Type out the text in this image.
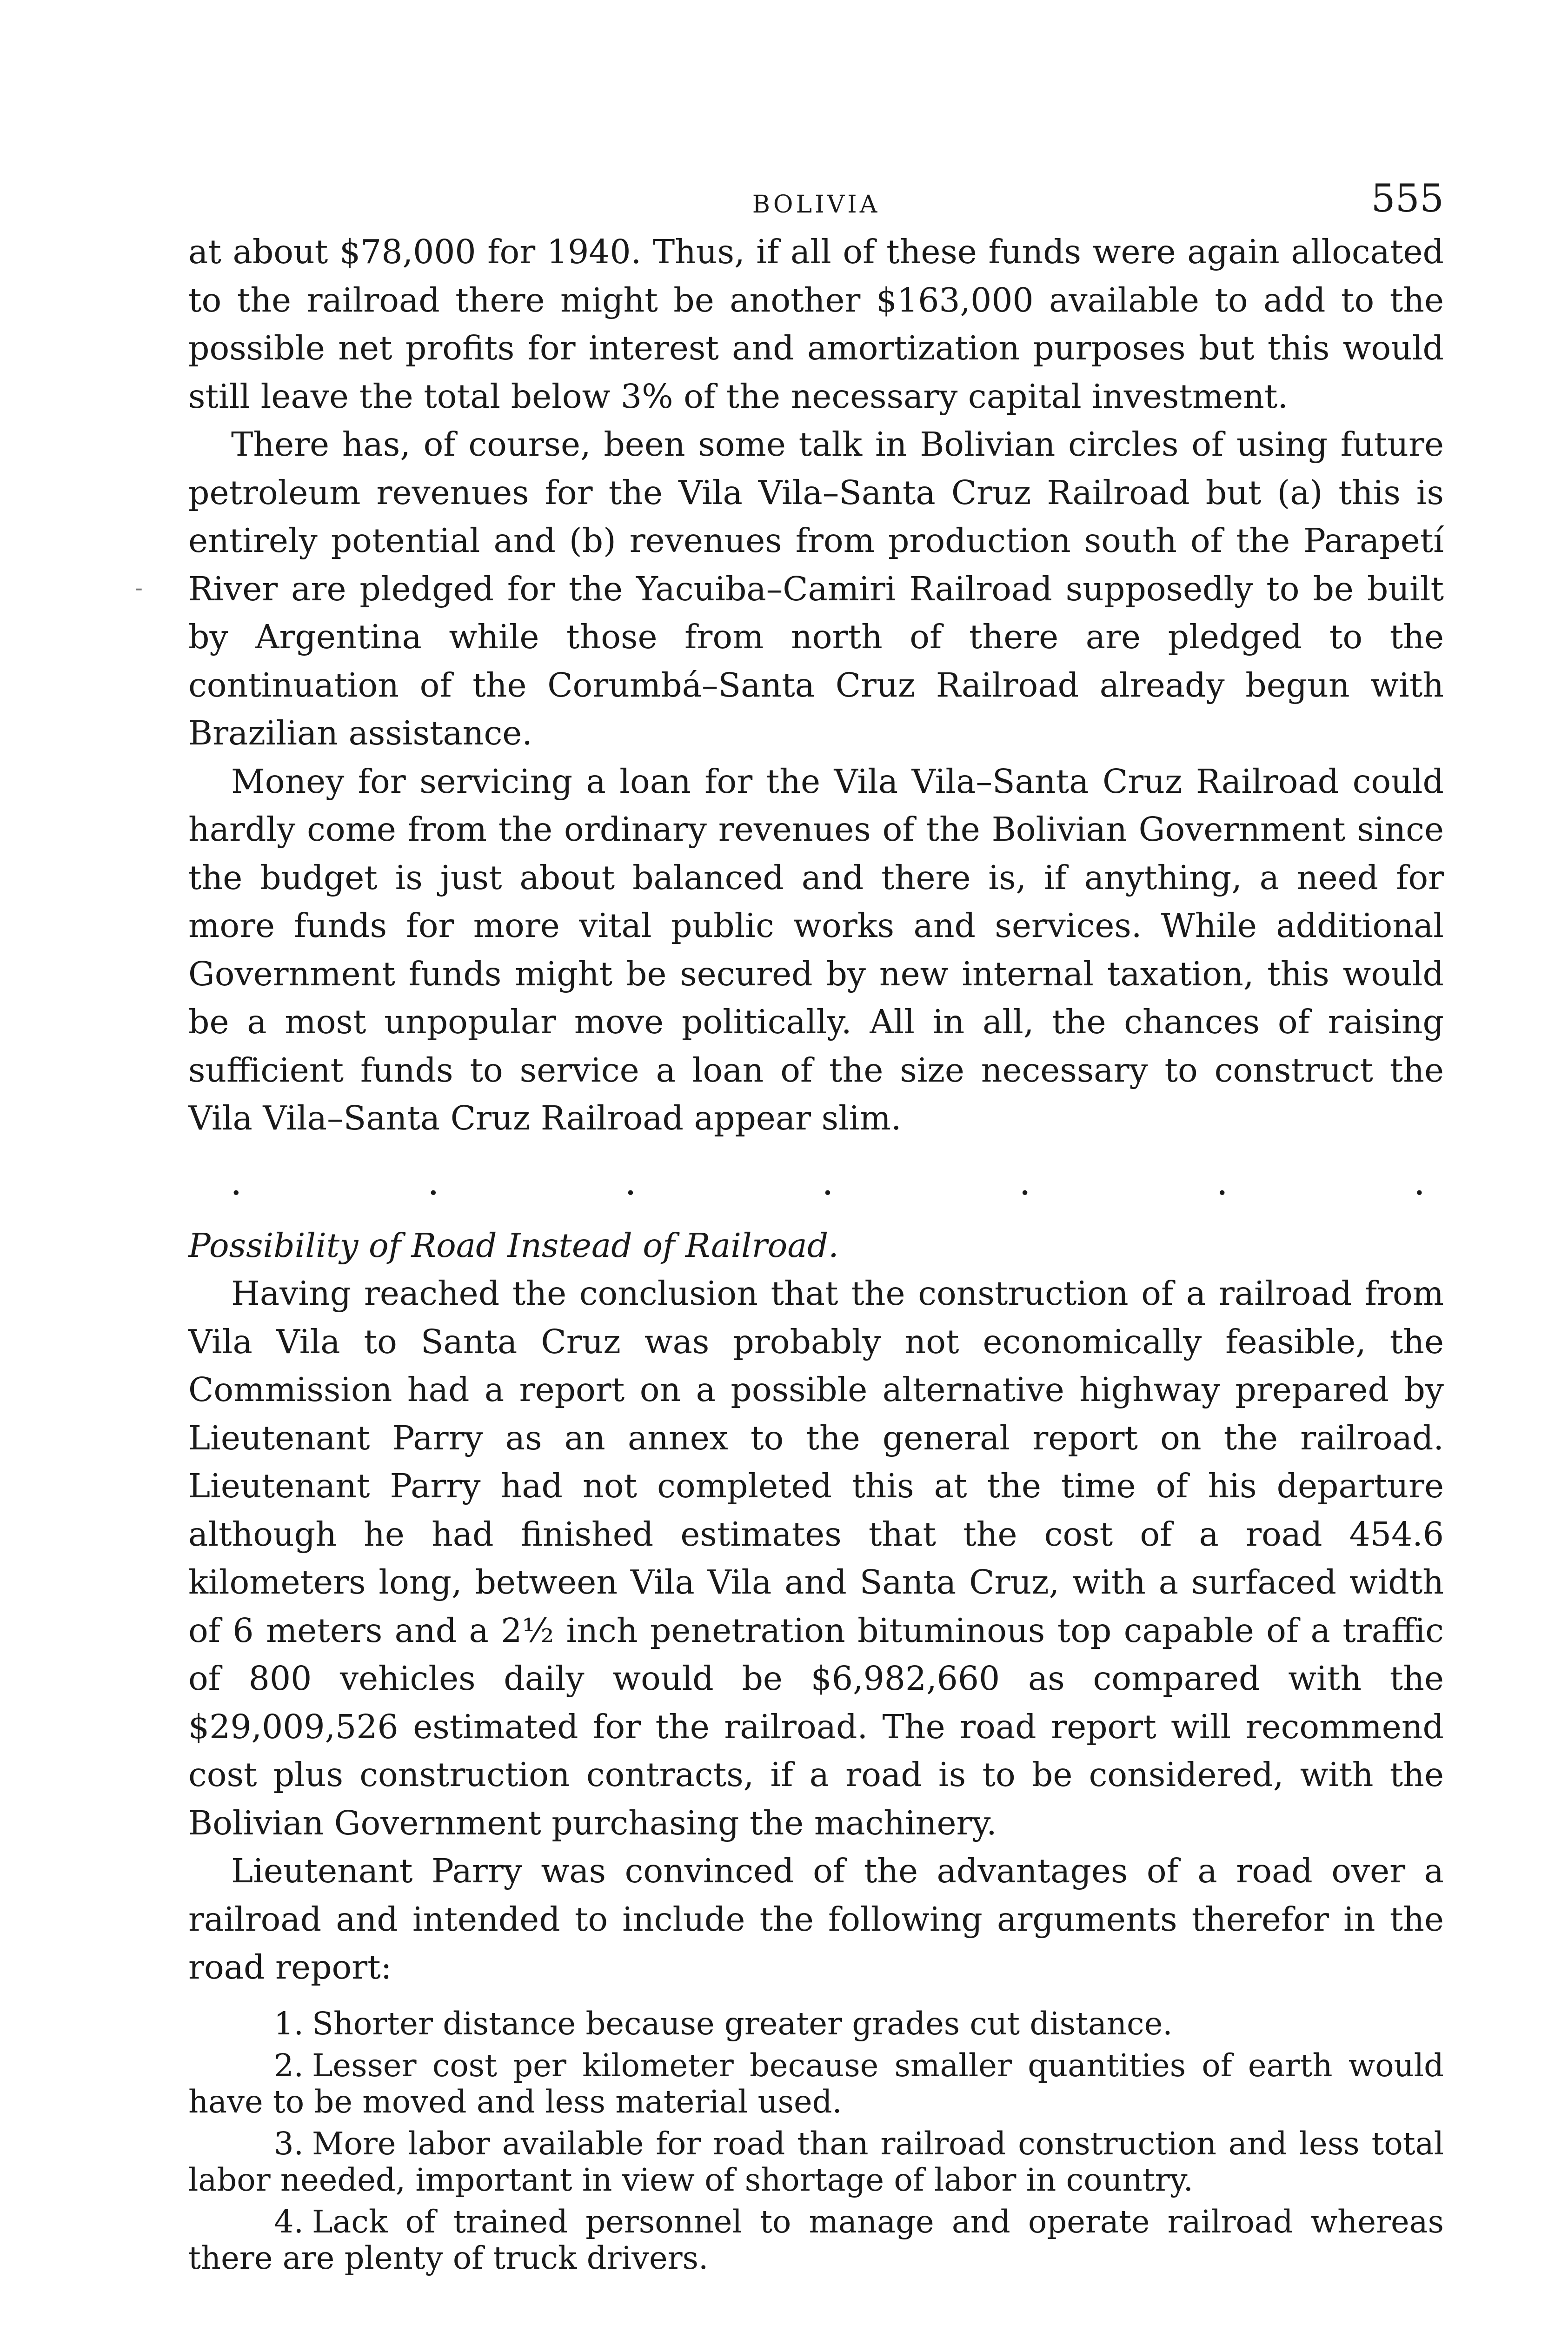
-
BOLIVIA	555

at about $78,000 for 1940. Thus, if all of these funds were again allocated to the railroad there might be another $163,000 available to add to the possible net profits for interest and amortization purposes but this would still leave the total below 3% of the necessary capital investment.

There has, of course, been some talk in Bolivian circles of using future petroleum revenues for the Vila Vila–Santa Cruz Railroad but (a) this is entirely potential and (b) revenues from production south of the Parapetí River are pledged for the Yacuiba–Camiri Railroad supposedly to be built by Argentina while those from north of there are pledged to the continuation of the Corumbá–Santa Cruz Railroad already begun with Brazilian assistance.

Money for servicing a loan for the Vila Vila–Santa Cruz Railroad could hardly come from the ordinary revenues of the Bolivian Government since the budget is just about balanced and there is, if anything, a need for more funds for more vital public works and services. While additional Government funds might be secured by new internal taxation, this would be a most unpopular move politically. All in all, the chances of raising sufficient funds to service a loan of the size necessary to construct the Vila Vila–Santa Cruz Railroad appear slim.

.	.	.	.	.	.	.
Possibility of Road Instead of Railroad.

Having reached the conclusion that the construction of a railroad from Vila Vila to Santa Cruz was probably not economically feasible, the Commission had a report on a possible alternative highway prepared by Lieutenant Parry as an annex to the general report on the railroad. Lieutenant Parry had not completed this at the time of his departure although he had finished estimates that the cost of a road 454.6 kilometers long, between Vila Vila and Santa Cruz, with a surfaced width of 6 meters and a 2½ inch penetration bituminous top capable of a traffic of 800 vehicles daily would be $6,982,660 as compared with the $29,009,526 estimated for the railroad. The road report will recommend cost plus construction contracts, if a road is to be considered, with the Bolivian Government purchasing the machinery.

Lieutenant Parry was convinced of the advantages of a road over a railroad and intended to include the following arguments therefor in the road report:

1. Shorter distance because greater grades cut distance.
2. Lesser cost per kilometer because smaller quantities of earth would have to be moved and less material used.
3. More labor available for road than railroad construction and less total labor needed, important in view of shortage of labor in country.
4. Lack of trained personnel to manage and operate railroad whereas there are plenty of truck drivers.
